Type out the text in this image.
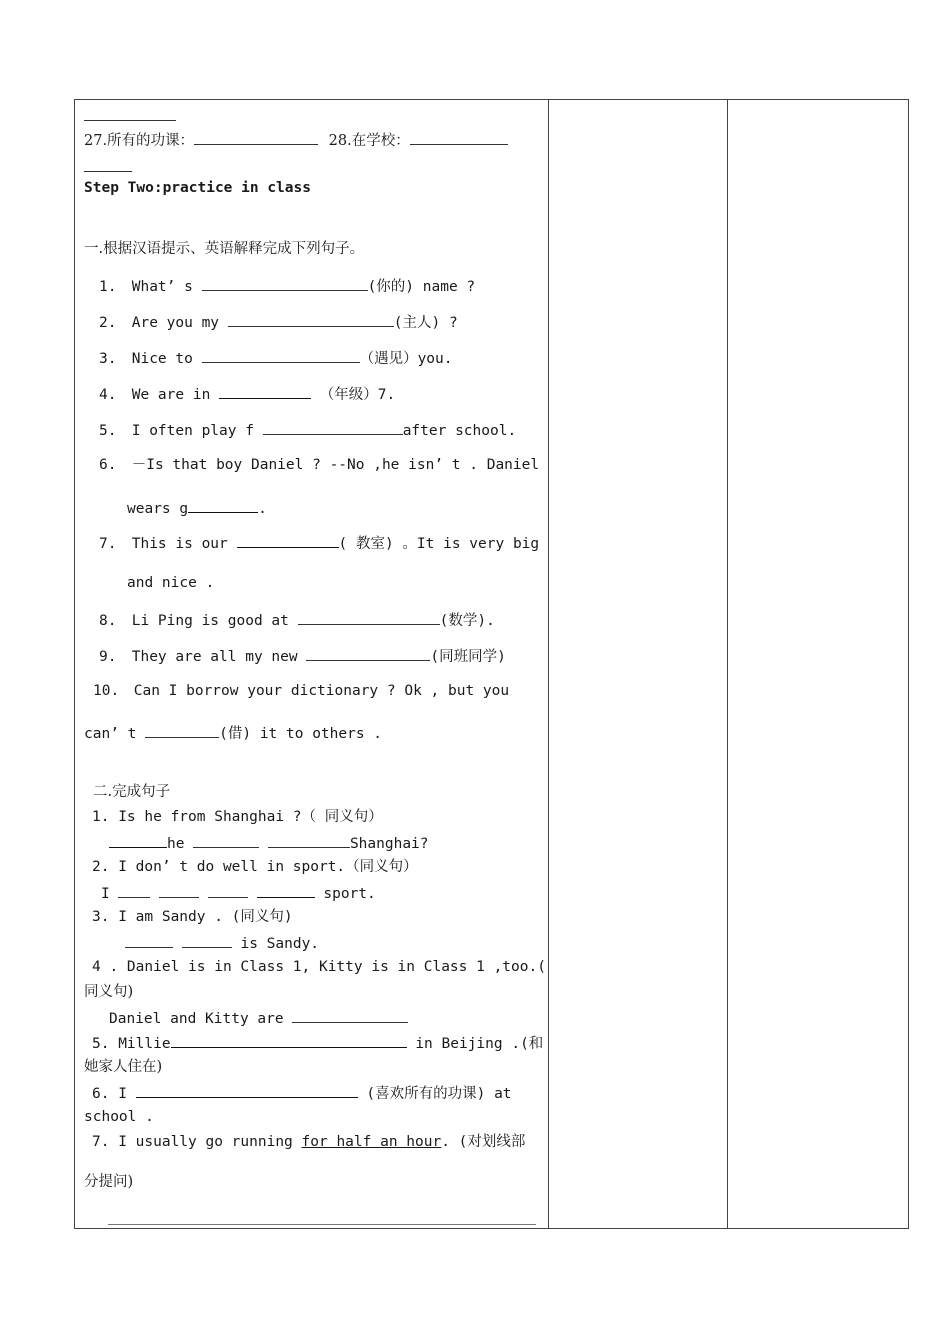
27.所有的功课：	28.在学校：
Step Two:practice in class
一.根据汉语提示、英语解释完成下列句子。
1. What’ s	(你的) name ?
2. Are you my	(主人) ?
3. Nice to	（遇见）you.
4. We are in	（年级）7.
5. I often play f	after school.
6. －Is that boy Daniel ? --No ,he isn’ t . Daniel
wears g	.
7. This is our	( 教室) 。It is very big
and nice .
8. Li Ping is good at	(数学).
9. They are all my new	(同班同学)
10. Can I borrow your dictionary ? Ok , but you
can’ t	(借) it to others .
二.完成句子
1. Is he from Shanghai ?（ 同义句）
he	Shanghai?
2. I don’ t do well in sport.（同义句）
I	sport.
3. I am Sandy . (同义句)
is Sandy.
4 . Daniel is in Class 1, Kitty is in Class 1 ,too.(
同义句)
Daniel and Kitty are
5. Millie	in Beijing .(和
她家人住在)
6. I	(喜欢所有的功课) at
school .
7. I usually go running for half an hour. (对划线部
分提问)
